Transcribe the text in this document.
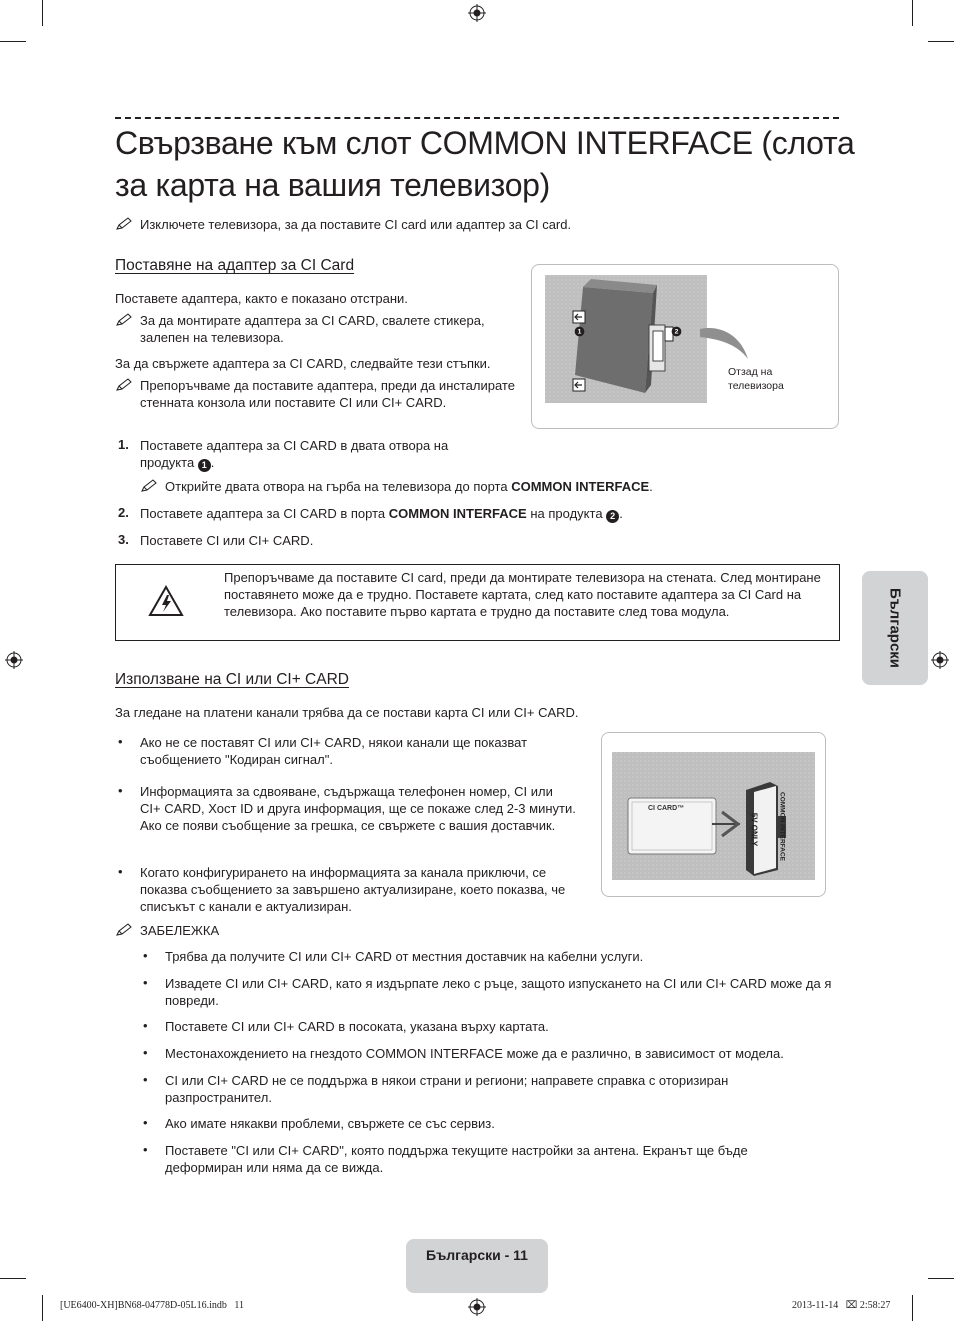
Свързване към слот COMMON INTERFACE (слота за карта на вашия телевизор)
Изключете телевизора, за да поставите CI card или адаптер за CI card.
Поставяне на адаптер за CI Card
Поставете адаптера, както е показано отстрани.
За да монтирате адаптера за CI CARD, свалете стикера, залепен на телевизора.
За да свържете адаптера за CI CARD, следвайте тези стъпки.
Препоръчваме да поставите адаптера, преди да инсталирате стенната конзола или поставите CI или CI+ CARD.
1. Поставете адаптера за CI CARD в двата отвора на продукта 1 .
Открийте двата отвора на гърба на телевизора до порта COMMON INTERFACE.
2. Поставете адаптера за CI CARD в порта COMMON INTERFACE на продукта 2 .
3. Поставете CI или CI+ CARD.
1	2
Отзад на телевизора
Препоръчваме да поставите CI card, преди да монтирате телевизора на стената. След монтиране поставянето може да е трудно. Поставете картата, след като поставите адаптера за CI Card на телевизора. Ако поставите първо картата е трудно да поставите след това модула.	Български
Използване на CI или CI+ CARD
За гледане на платени канали трябва да се постави карта CI или CI+ CARD.
• Ако не се поставят CI или CI+ CARD, някои канали ще показват съобщението "Кодиран сигнал".
• Информацията за сдвояване, съдържаща телефонен номер, CI или CI+ CARD, Хост ID и друга информация, ще се покаже след 2-3 минути. Ако се появи съобщение за грешка, се свържете с вашия доставчик.
• Когато конфигурирането на информацията за канала приключи, се показва съобщението за завършено актуализиране, което показва, че списъкът с канали е актуализиран.
CI CARD™	COMMON INTERFACE
5V ONLY
ЗАБЕЛЕЖКА
• Трябва да получите CI или CI+ CARD от местния доставчик на кабелни услуги.
• Извадете CI или CI+ CARD, като я издърпате леко с ръце, защото изпускането на CI или CI+ CARD може да я повреди.
• Поставете CI или CI+ CARD в посоката, указана върху картата.
• Местонахождението на гнездото COMMON INTERFACE може да е различно, в зависимост от модела.
• CI или CI+ CARD не се поддържа в някои страни и региони; направете справка с оторизиран разпространител.
• Ако имате някакви проблеми, свържете се със сервиз.
• Поставете "CI или CI+ CARD", която поддържа текущите настройки за антена. Екранът ще бъде деформиран или няма да се вижда.
Български - 11
[UE6400-XH]BN68-04778D-05L16.indb   11	2013-11-14   ⌧ 2:58:27
